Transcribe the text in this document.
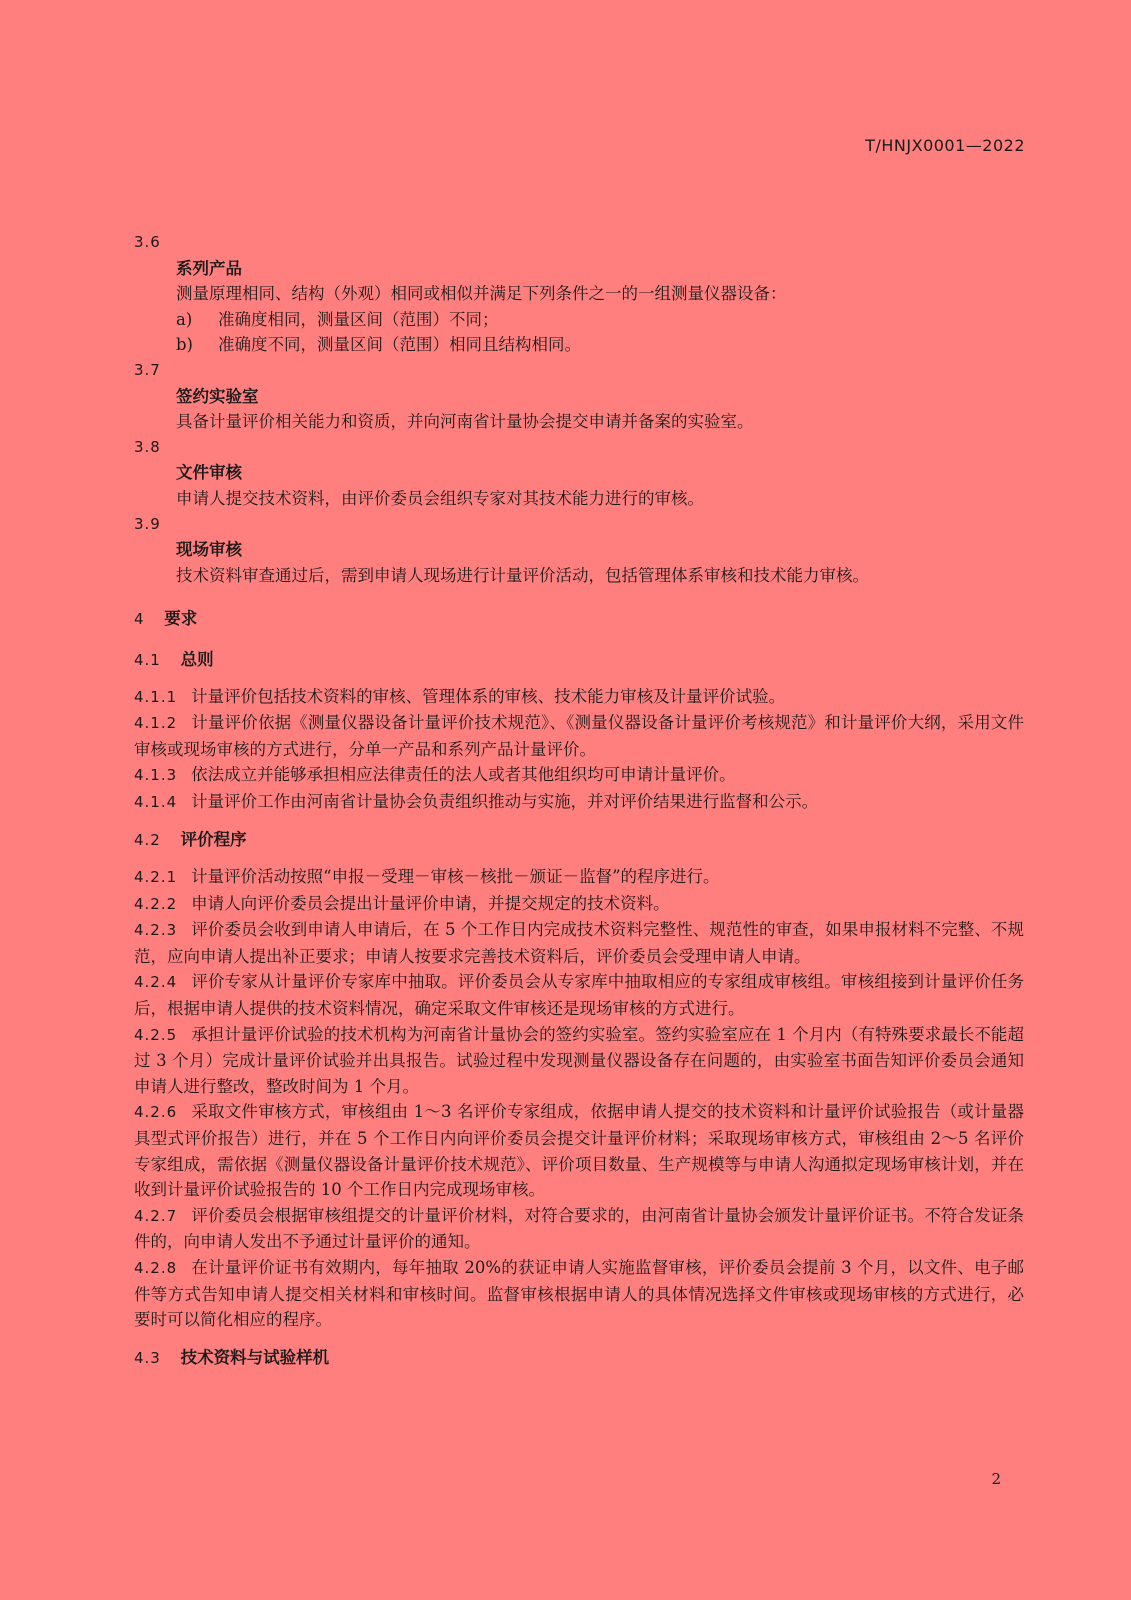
T/HNJX0001—2022

3.6

系列产品

测量原理相同、结构（外观）相同或相似并满足下列条件之一的一组测量仪器设备：

a)	准确度相同，测量区间（范围）不同；
b)	准确度不同，测量区间（范围）相同且结构相同。

3.7

签约实验室

具备计量评价相关能力和资质，并向河南省计量协会提交申请并备案的实验室。

3.8

文件审核

申请人提交技术资料，由评价委员会组织专家对其技术能力进行的审核。

3.9

现场审核

技术资料审查通过后，需到申请人现场进行计量评价活动，包括管理体系审核和技术能力审核。

4 要求
4.1 总则

4.1.1 计量评价包括技术资料的审核、管理体系的审核、技术能力审核及计量评价试验。

4.1.2 计量评价依据《测量仪器设备计量评价技术规范》、《测量仪器设备计量评价考核规范》和计量评价大纲，采用文件审核或现场审核的方式进行，分单一产品和系列产品计量评价。

4.1.3 依法成立并能够承担相应法律责任的法人或者其他组织均可申请计量评价。

4.1.4 计量评价工作由河南省计量协会负责组织推动与实施，并对评价结果进行监督和公示。

4.2 评价程序

4.2.1 计量评价活动按照“申报－受理－审核－核批－颁证－监督”的程序进行。

4.2.2 申请人向评价委员会提出计量评价申请，并提交规定的技术资料。

4.2.3 评价委员会收到申请人申请后，在 5 个工作日内完成技术资料完整性、规范性的审查，如果申报材料不完整、不规范，应向申请人提出补正要求；申请人按要求完善技术资料后，评价委员会受理申请人申请。

4.2.4 评价专家从计量评价专家库中抽取。评价委员会从专家库中抽取相应的专家组成审核组。审核组接到计量评价任务后，根据申请人提供的技术资料情况，确定采取文件审核还是现场审核的方式进行。

4.2.5 承担计量评价试验的技术机构为河南省计量协会的签约实验室。签约实验室应在 1 个月内（有特殊要求最长不能超过 3 个月）完成计量评价试验并出具报告。试验过程中发现测量仪器设备存在问题的，由实验室书面告知评价委员会通知申请人进行整改，整改时间为 1 个月。

4.2.6 采取文件审核方式，审核组由 1～3 名评价专家组成，依据申请人提交的技术资料和计量评价试验报告（或计量器具型式评价报告）进行，并在 5 个工作日内向评价委员会提交计量评价材料；采取现场审核方式，审核组由 2～5 名评价专家组成，需依据《测量仪器设备计量评价技术规范》、评价项目数量、生产规模等与申请人沟通拟定现场审核计划，并在收到计量评价试验报告的 10 个工作日内完成现场审核。

4.2.7 评价委员会根据审核组提交的计量评价材料，对符合要求的，由河南省计量协会颁发计量评价证书。不符合发证条件的，向申请人发出不予通过计量评价的通知。

4.2.8 在计量评价证书有效期内，每年抽取 20%的获证申请人实施监督审核，评价委员会提前 3 个月，以文件、电子邮件等方式告知申请人提交相关材料和审核时间。监督审核根据申请人的具体情况选择文件审核或现场审核的方式进行，必要时可以简化相应的程序。

4.3 技术资料与试验样机
2
